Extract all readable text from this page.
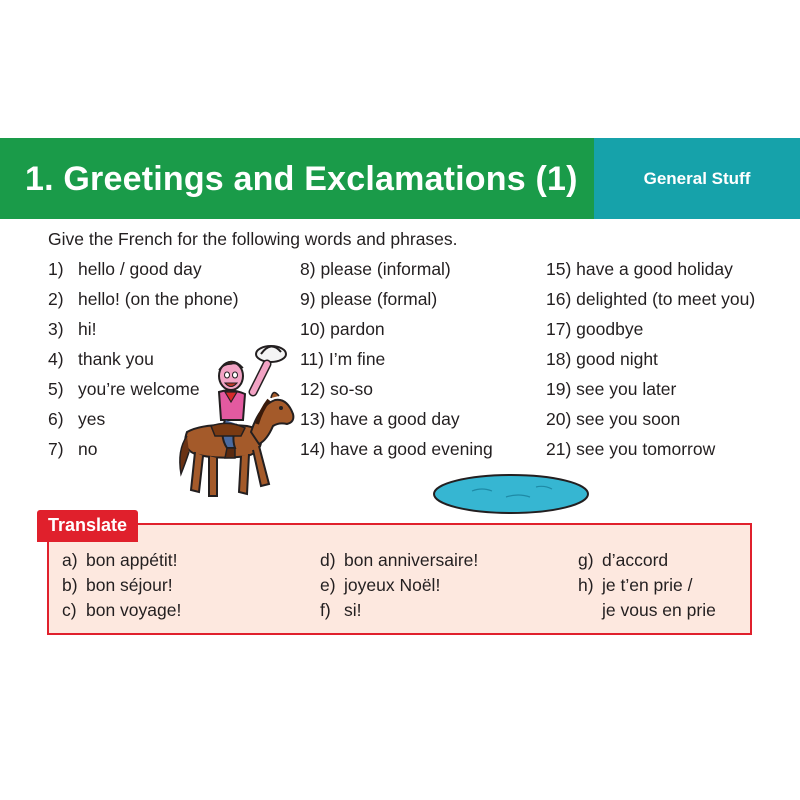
1. Greetings and Exclamations (1)	General Stuff
Give the French for the following words and phrases.
1) hello / good day
2) hello! (on the phone)
3) hi!
4) thank you
5) you’re welcome
6) yes
7) no
8) please (informal)
9) please (formal)
10) pardon
11) I’m fine
12) so-so
13) have a good day
14) have a good evening
15) have a good holiday
16) delighted (to meet you)
17) goodbye
18) good night
19) see you later
20) see you soon
21) see you tomorrow
Translate
a) bon appétit!
b) bon séjour!
c) bon voyage!
d) bon anniversaire!
e) joyeux Noël!
f) si!
g) d’accord
h) je t’en prie /
je vous en prie
